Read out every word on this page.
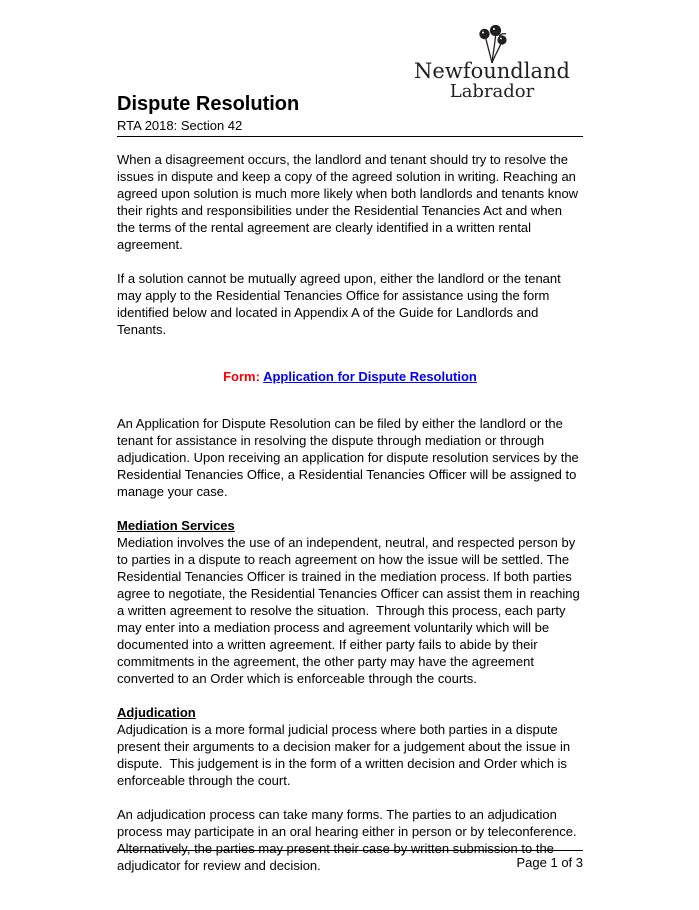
Newfoundland
Labrador
Dispute Resolution
RTA 2018: Section 42
When a disagreement occurs, the landlord and tenant should try to resolve the issues in dispute and keep a copy of the agreed solution in writing. Reaching an agreed upon solution is much more likely when both landlords and tenants know their rights and responsibilities under the Residential Tenancies Act and when the terms of the rental agreement are clearly identified in a written rental agreement.
If a solution cannot be mutually agreed upon, either the landlord or the tenant may apply to the Residential Tenancies Office for assistance using the form identified below and located in Appendix A of the Guide for Landlords and Tenants.
Form: Application for Dispute Resolution
An Application for Dispute Resolution can be filed by either the landlord or the tenant for assistance in resolving the dispute through mediation or through adjudication. Upon receiving an application for dispute resolution services by the Residential Tenancies Office, a Residential Tenancies Officer will be assigned to manage your case.
Mediation Services
Mediation involves the use of an independent, neutral, and respected person by to parties in a dispute to reach agreement on how the issue will be settled. The Residential Tenancies Officer is trained in the mediation process. If both parties agree to negotiate, the Residential Tenancies Officer can assist them in reaching a written agreement to resolve the situation.  Through this process, each party may enter into a mediation process and agreement voluntarily which will be documented into a written agreement. If either party fails to abide by their commitments in the agreement, the other party may have the agreement converted to an Order which is enforceable through the courts.
Adjudication
Adjudication is a more formal judicial process where both parties in a dispute present their arguments to a decision maker for a judgement about the issue in dispute.  This judgement is in the form of a written decision and Order which is enforceable through the court.
An adjudication process can take many forms. The parties to an adjudication process may participate in an oral hearing either in person or by teleconference. Alternatively, the parties may present their case by written submission to the adjudicator for review and decision.	Page 1 of 3
